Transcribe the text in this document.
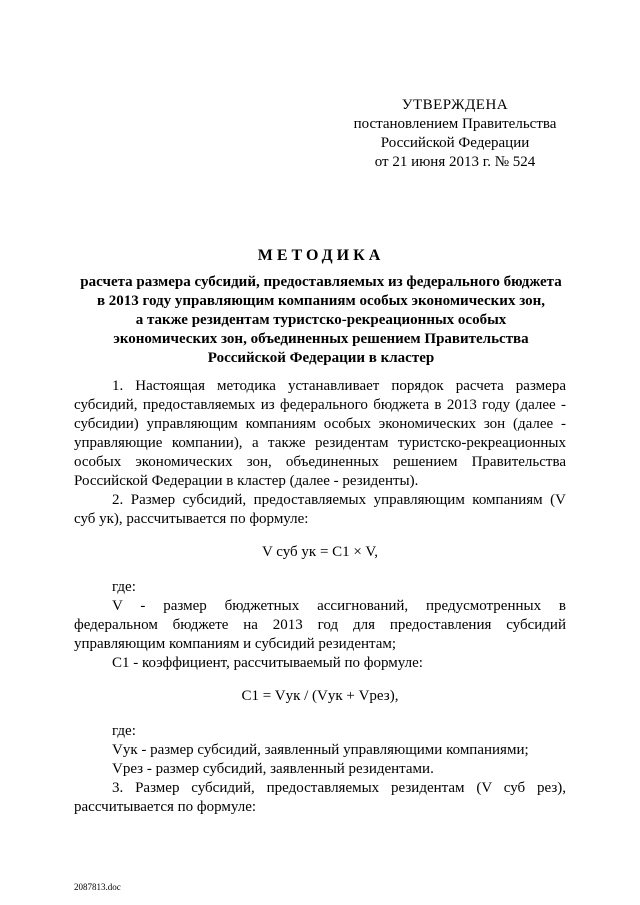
УТВЕРЖДЕНА
постановлением Правительства
Российской Федерации
от 21 июня 2013 г. № 524
МЕТОДИКА
расчета размера субсидий, предоставляемых из федерального бюджета
в 2013 году управляющим компаниям особых экономических зон,
а также резидентам туристско-рекреационных особых
экономических зон, объединенных решением Правительства
Российской Федерации в кластер

1. Настоящая методика устанавливает порядок расчета размера субсидий, предоставляемых из федерального бюджета в 2013 году (далее - субсидии) управляющим компаниям особых экономических зон (далее - управляющие компании), а также резидентам туристско-рекреационных особых экономических зон, объединенных решением Правительства Российской Федерации в кластер (далее - резиденты).

2. Размер субсидий, предоставляемых управляющим компаниям (V суб ук), рассчитывается по формуле:

V суб ук = C1 × V,
где:

V - размер бюджетных ассигнований, предусмотренных в федеральном бюджете на 2013 год для предоставления субсидий управляющим компаниям и субсидий резидентам;

C1 - коэффициент, рассчитываемый по формуле:

C1 = Vук / (Vук + Vрез),
где:

Vук - размер субсидий, заявленный управляющими компаниями;

Vрез - размер субсидий, заявленный резидентами.

3. Размер субсидий, предоставляемых резидентам (V суб рез), рассчитывается по формуле:

2087813.doc
